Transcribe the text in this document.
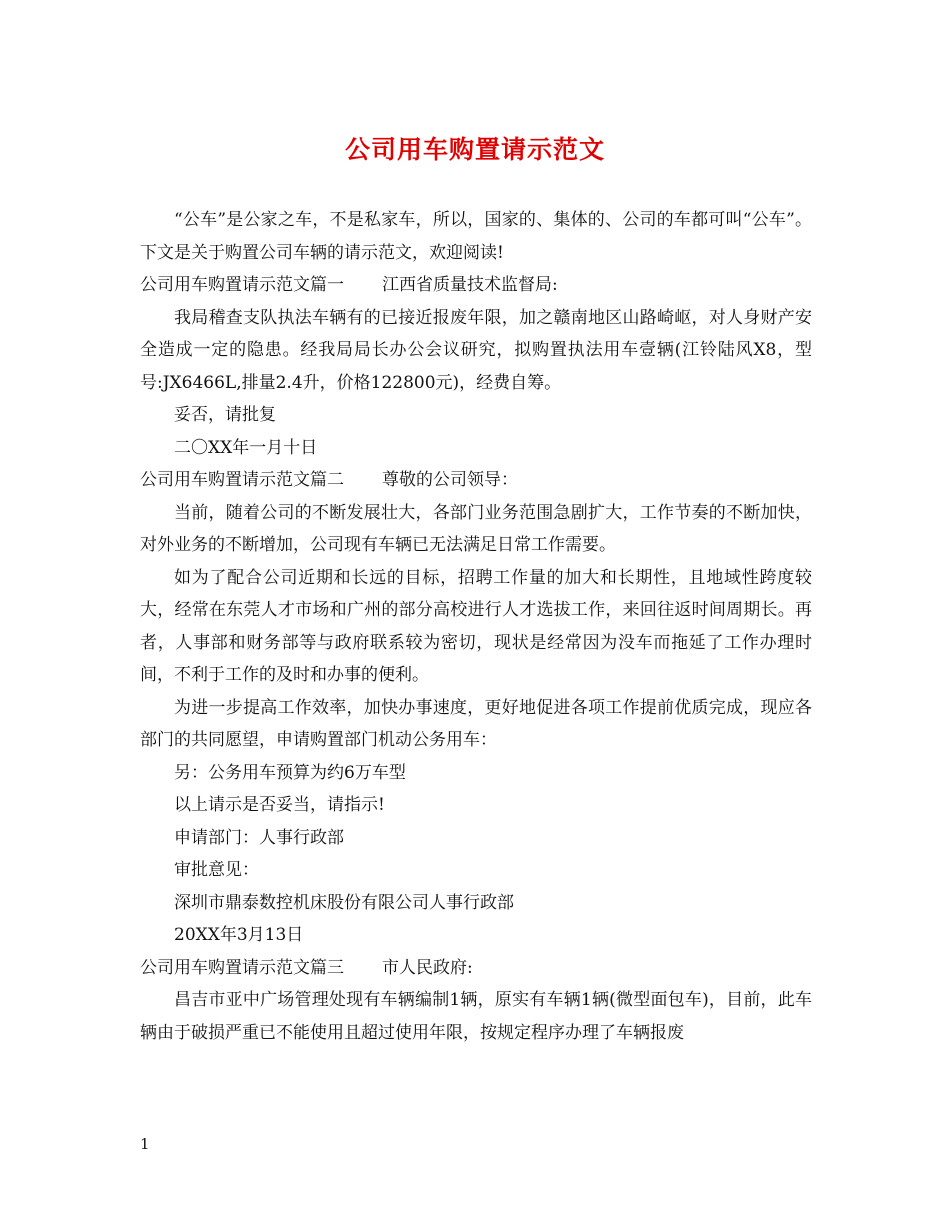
公司用车购置请示范文

“公车”是公家之车，不是私家车，所以，国家的、集体的、公司的车都可叫“公车”。下文是关于购置公司车辆的请示范文，欢迎阅读!

公司用车购置请示范文篇一 江西省质量技术监督局:

我局稽查支队执法车辆有的已接近报废年限，加之赣南地区山路崎岖，对人身财产安全造成一定的隐患。经我局局长办公会议研究，拟购置执法用车壹辆(江铃陆风X8，型号:JX6466L,排量2.4升，价格122800元)，经费自筹。

妥否，请批复

二〇XX年一月十日

公司用车购置请示范文篇二 尊敬的公司领导：

当前，随着公司的不断发展壮大，各部门业务范围急剧扩大，工作节奏的不断加快，对外业务的不断增加，公司现有车辆已无法满足日常工作需要。

如为了配合公司近期和长远的目标，招聘工作量的加大和长期性，且地域性跨度较大，经常在东莞人才市场和广州的部分高校进行人才选拔工作，来回往返时间周期长。再者，人事部和财务部等与政府联系较为密切，现状是经常因为没车而拖延了工作办理时间，不利于工作的及时和办事的便利。

为进一步提高工作效率，加快办事速度，更好地促进各项工作提前优质完成，现应各部门的共同愿望，申请购置部门机动公务用车：

另：公务用车预算为约6万车型

以上请示是否妥当，请指示!

申请部门：人事行政部

审批意见：

深圳市鼎泰数控机床股份有限公司人事行政部

20XX年3月13日

公司用车购置请示范文篇三 市人民政府:

昌吉市亚中广场管理处现有车辆编制1辆，原实有车辆1辆(微型面包车)，目前，此车辆由于破损严重已不能使用且超过使用年限，按规定程序办理了车辆报废

1
